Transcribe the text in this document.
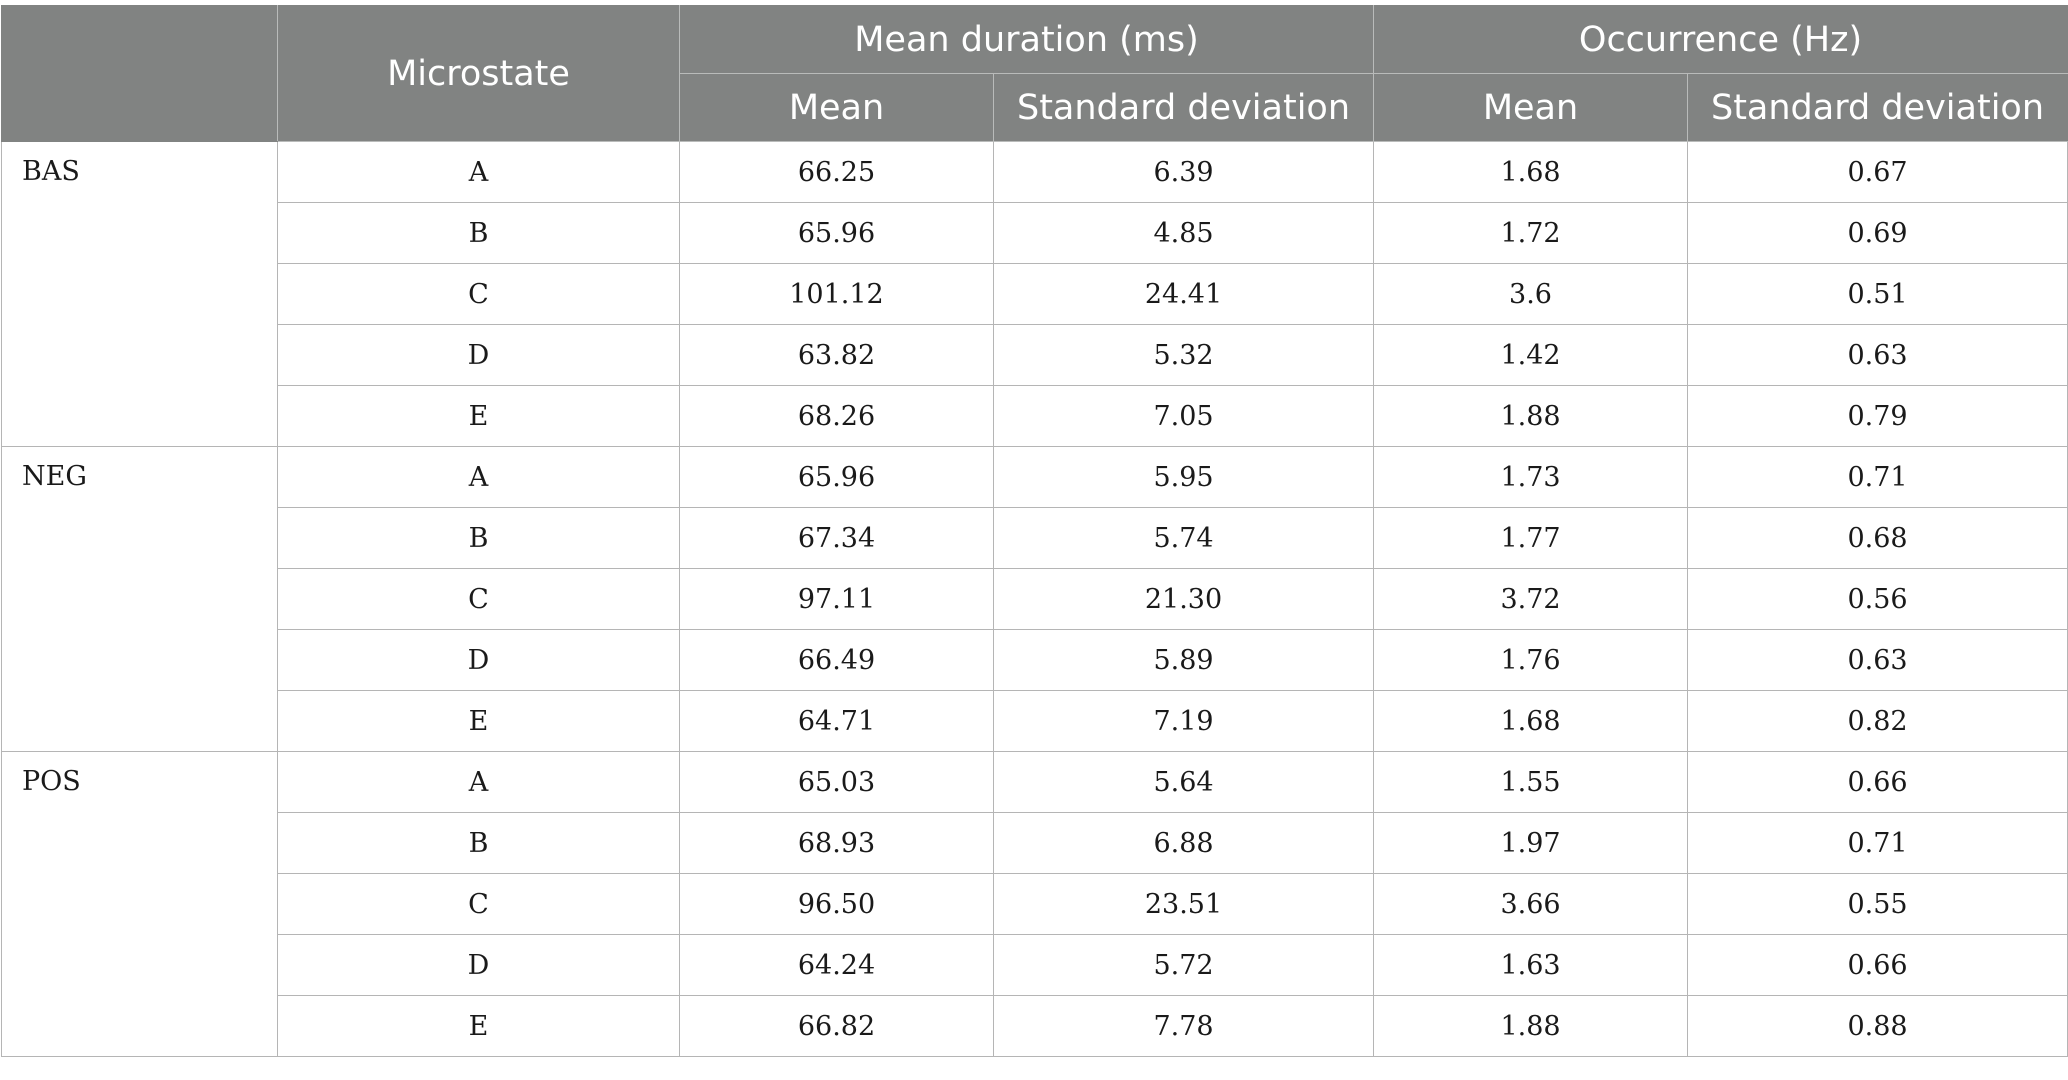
	Microstate	Mean duration (ms)		Occurrence (Hz)	
		Mean	Standard deviation	Mean	Standard deviation
BAS	A	66.25	6.39	1.68	0.67
	B	65.96	4.85	1.72	0.69
	C	101.12	24.41	3.6	0.51
	D	63.82	5.32	1.42	0.63
	E	68.26	7.05	1.88	0.79
NEG	A	65.96	5.95	1.73	0.71
	B	67.34	5.74	1.77	0.68
	C	97.11	21.30	3.72	0.56
	D	66.49	5.89	1.76	0.63
	E	64.71	7.19	1.68	0.82
POS	A	65.03	5.64	1.55	0.66
	B	68.93	6.88	1.97	0.71
	C	96.50	23.51	3.66	0.55
	D	64.24	5.72	1.63	0.66
	E	66.82	7.78	1.88	0.88
